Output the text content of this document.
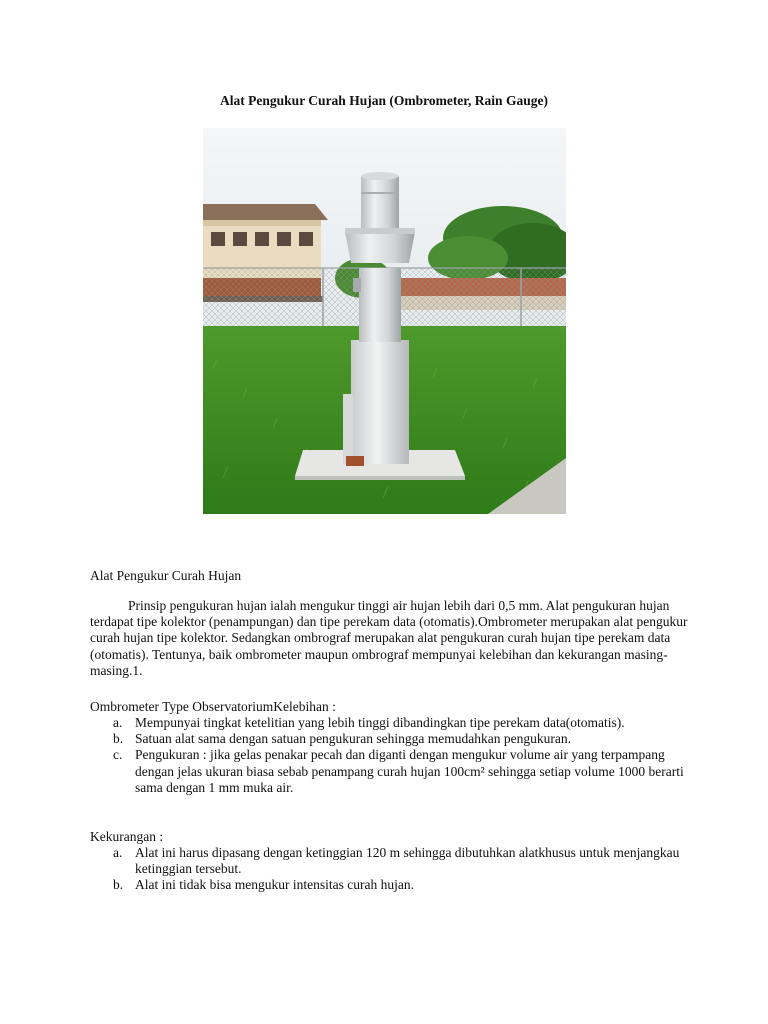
Alat Pengukur Curah Hujan (Ombrometer, Rain Gauge)
Alat Pengukur Curah Hujan
Prinsip pengukuran hujan ialah mengukur tinggi air hujan lebih dari 0,5 mm. Alat pengukuran hujan terdapat tipe kolektor (penampungan) dan tipe perekam data (otomatis).Ombrometer merupakan alat pengukur curah hujan tipe kolektor. Sedangkan ombrograf merupakan alat pengukuran curah hujan tipe perekam data (otomatis). Tentunya, baik ombrometer maupun ombrograf mempunyai kelebihan dan kekurangan masing-masing.1.
Ombrometer Type ObservatoriumKelebihan :
a. Mempunyai tingkat ketelitian yang lebih tinggi dibandingkan tipe perekam data(otomatis).
b. Satuan alat sama dengan satuan pengukuran sehingga memudahkan pengukuran.
c. Pengukuran : jika gelas penakar pecah dan diganti dengan mengukur volume air yang terpampang dengan jelas ukuran biasa sebab penampang curah hujan 100cm² sehingga setiap volume 1000 berarti sama dengan 1 mm muka air.
Kekurangan :
a. Alat ini harus dipasang dengan ketinggian 120 m sehingga dibutuhkan alatkhusus untuk menjangkau ketinggian tersebut.
b. Alat ini tidak bisa mengukur intensitas curah hujan.
